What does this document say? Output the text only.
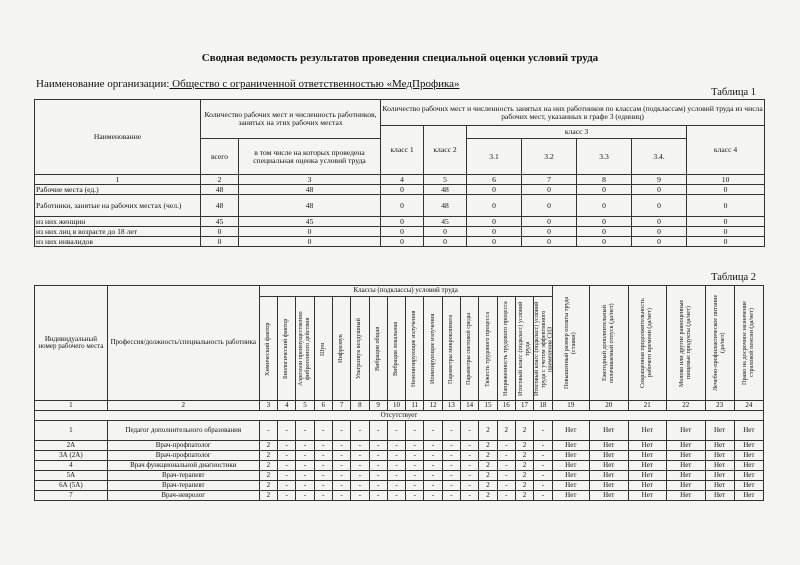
Сводная ведомость результатов проведения специальной оценки условий труда
Наименование организации: Общество с ограниченной ответственностью «МедПрофика»
Таблица 1
Наименование	Количество рабочих мест и численность работников, занятых на этих рабочих местах		Количество рабочих мест и численность занятых на них работников по классам (подклассам) условий труда из числа рабочих мест, указанных в графе 3 (единиц)						
			класс 1	класс 2	класс 3				класс 4
	всего	в том числе на которых проведена специальная оценка условий труда			3.1	3.2	3.3	3.4.	
1	2	3	4	5	6	7	8	9	10
Рабочие места (ед.)	48	48	0	48	0	0	0	0	0
Работники, занятые на рабочих местах (чел.)	48	48	0	48	0	0	0	0	0
из них женщин	45	45	0	45	0	0	0	0	0
из них лиц в возрасте до 18 лет	0	0	0	0	0	0	0	0	0
из них инвалидов	0	0	0	0	0	0	0	0	0
Таблица 2
Индивидуальный номер рабочего места	Профессия/должность/специальность работника	Классы (подклассы) условий труда																Повышенный размер оплаты труда (ставки)	Ежегодный дополнительный оплачиваемый отпуск (да/нет)	Сокращенная продолжительность рабочего времени (да/нет)	Молоко или другие равноценные пищевые продукты (да/нет)	Лечебно-профилактическое питание (да/нет)	Право на досрочное назначение страховой пенсии (да/нет)

		Химический фактор	Биологический фактор	Аэрозоли преимущественно фиброгенного действия	Шум	Инфразвук	Ультразвук воздушный	Вибрация общая	Вибрация локальная	Неионизирующие излучения	Ионизирующие излучения	Параметры микроклимата	Параметры световой среды	Тяжесть трудового процесса	Напряженность трудового процесса	Итоговый класс (подкласс) условий труда	Итоговый класс (подкласс) условий труда с учетом эффективного применения СИЗ						

1	2	3	4	5	6	7	8	9	10	11	12	13	14	15	16	17	18	19	20	21	22	23	24
Отсутствует																							
1	Педагог дополнительного образования	-	-	-	-	-	-	-	-	-	-	-	-	2	2	2	-	Нет	Нет	Нет	Нет	Нет	Нет
2А	Врач-профпатолог	2	-	-	-	-	-	-	-	-	-	-	-	2	-	2	-	Нет	Нет	Нет	Нет	Нет	Нет
3А (2А)	Врач-профпатолог	2	-	-	-	-	-	-	-	-	-	-	-	2	-	2	-	Нет	Нет	Нет	Нет	Нет	Нет
4	Врач функциональной диагностики	2	-	-	-	-	-	-	-	-	-	-	-	2	-	2	-	Нет	Нет	Нет	Нет	Нет	Нет
5А	Врач-терапевт	2	-	-	-	-	-	-	-	-	-	-	-	2	-	2	-	Нет	Нет	Нет	Нет	Нет	Нет
6А (5А)	Врач-терапевт	2	-	-	-	-	-	-	-	-	-	-	-	2	-	2	-	Нет	Нет	Нет	Нет	Нет	Нет
7	Врач-невролог	2	-	-	-	-	-	-	-	-	-	-	-	2	-	2	-	Нет	Нет	Нет	Нет	Нет	Нет
